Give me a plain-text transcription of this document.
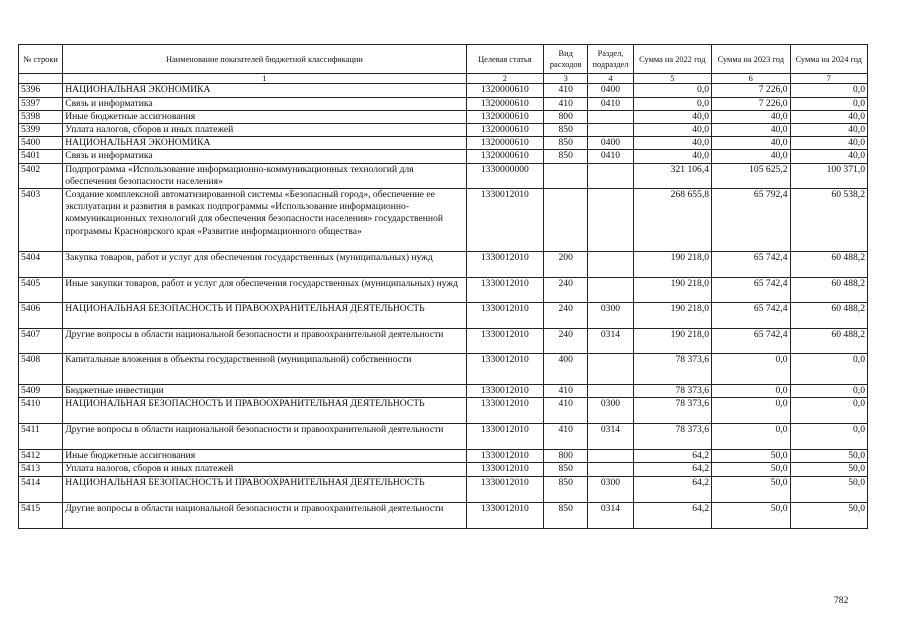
№ строки	Наименование показателей бюджетной классификации	Целевая статья	Вид расходов	Раздел, подраздел	Сумма на 2022 год	Сумма на 2023 год	Сумма на 2024 год
	1	2	3	4	5	6	7
5396	НАЦИОНАЛЬНАЯ ЭКОНОМИКА	1320000610	410	0400	0,0	7 226,0	0,0
5397	Связь и информатика	1320000610	410	0410	0,0	7 226,0	0,0
5398	Иные бюджетные ассигнования	1320000610	800		40,0	40,0	40,0
5399	Уплата налогов, сборов и иных платежей	1320000610	850		40,0	40,0	40,0
5400	НАЦИОНАЛЬНАЯ ЭКОНОМИКА	1320000610	850	0400	40,0	40,0	40,0
5401	Связь и информатика	1320000610	850	0410	40,0	40,0	40,0
5402	Подпрограмма «Использование информационно-коммуникационных технологий для обеспечения безопасности населения»	1330000000			321 106,4	105 625,2	100 371,0
5403	Создание комплексной автоматизированной системы «Безопасный город», обеспечение ее эксплуатации и развития в рамках подпрограммы «Использование информационно-коммуникационных технологий для обеспечения безопасности населения» государственной программы Красноярского края «Развитие информационного общества»	1330012010			268 655,8	65 792,4	60 538,2
5404	Закупка товаров, работ и услуг для обеспечения государственных (муниципальных) нужд	1330012010	200		190 218,0	65 742,4	60 488,2
5405	Иные закупки товаров, работ и услуг для обеспечения государственных (муниципальных) нужд	1330012010	240		190 218,0	65 742,4	60 488,2
5406	НАЦИОНАЛЬНАЯ БЕЗОПАСНОСТЬ И ПРАВООХРАНИТЕЛЬНАЯ ДЕЯТЕЛЬНОСТЬ	1330012010	240	0300	190 218,0	65 742,4	60 488,2
5407	Другие вопросы в области национальной безопасности и правоохранительной деятельности	1330012010	240	0314	190 218,0	65 742,4	60 488,2
5408	Капитальные вложения в объекты государственной (муниципальной) собственности	1330012010	400		78 373,6	0,0	0,0
5409	Бюджетные инвестиции	1330012010	410		78 373,6	0,0	0,0
5410	НАЦИОНАЛЬНАЯ БЕЗОПАСНОСТЬ И ПРАВООХРАНИТЕЛЬНАЯ ДЕЯТЕЛЬНОСТЬ	1330012010	410	0300	78 373,6	0,0	0,0
5411	Другие вопросы в области национальной безопасности и правоохранительной деятельности	1330012010	410	0314	78 373,6	0,0	0,0
5412	Иные бюджетные ассигнования	1330012010	800		64,2	50,0	50,0
5413	Уплата налогов, сборов и иных платежей	1330012010	850		64,2	50,0	50,0
5414	НАЦИОНАЛЬНАЯ БЕЗОПАСНОСТЬ И ПРАВООХРАНИТЕЛЬНАЯ ДЕЯТЕЛЬНОСТЬ	1330012010	850	0300	64,2	50,0	50,0
5415	Другие вопросы в области национальной безопасности и правоохранительной деятельности	1330012010	850	0314	64,2	50,0	50,0
782
